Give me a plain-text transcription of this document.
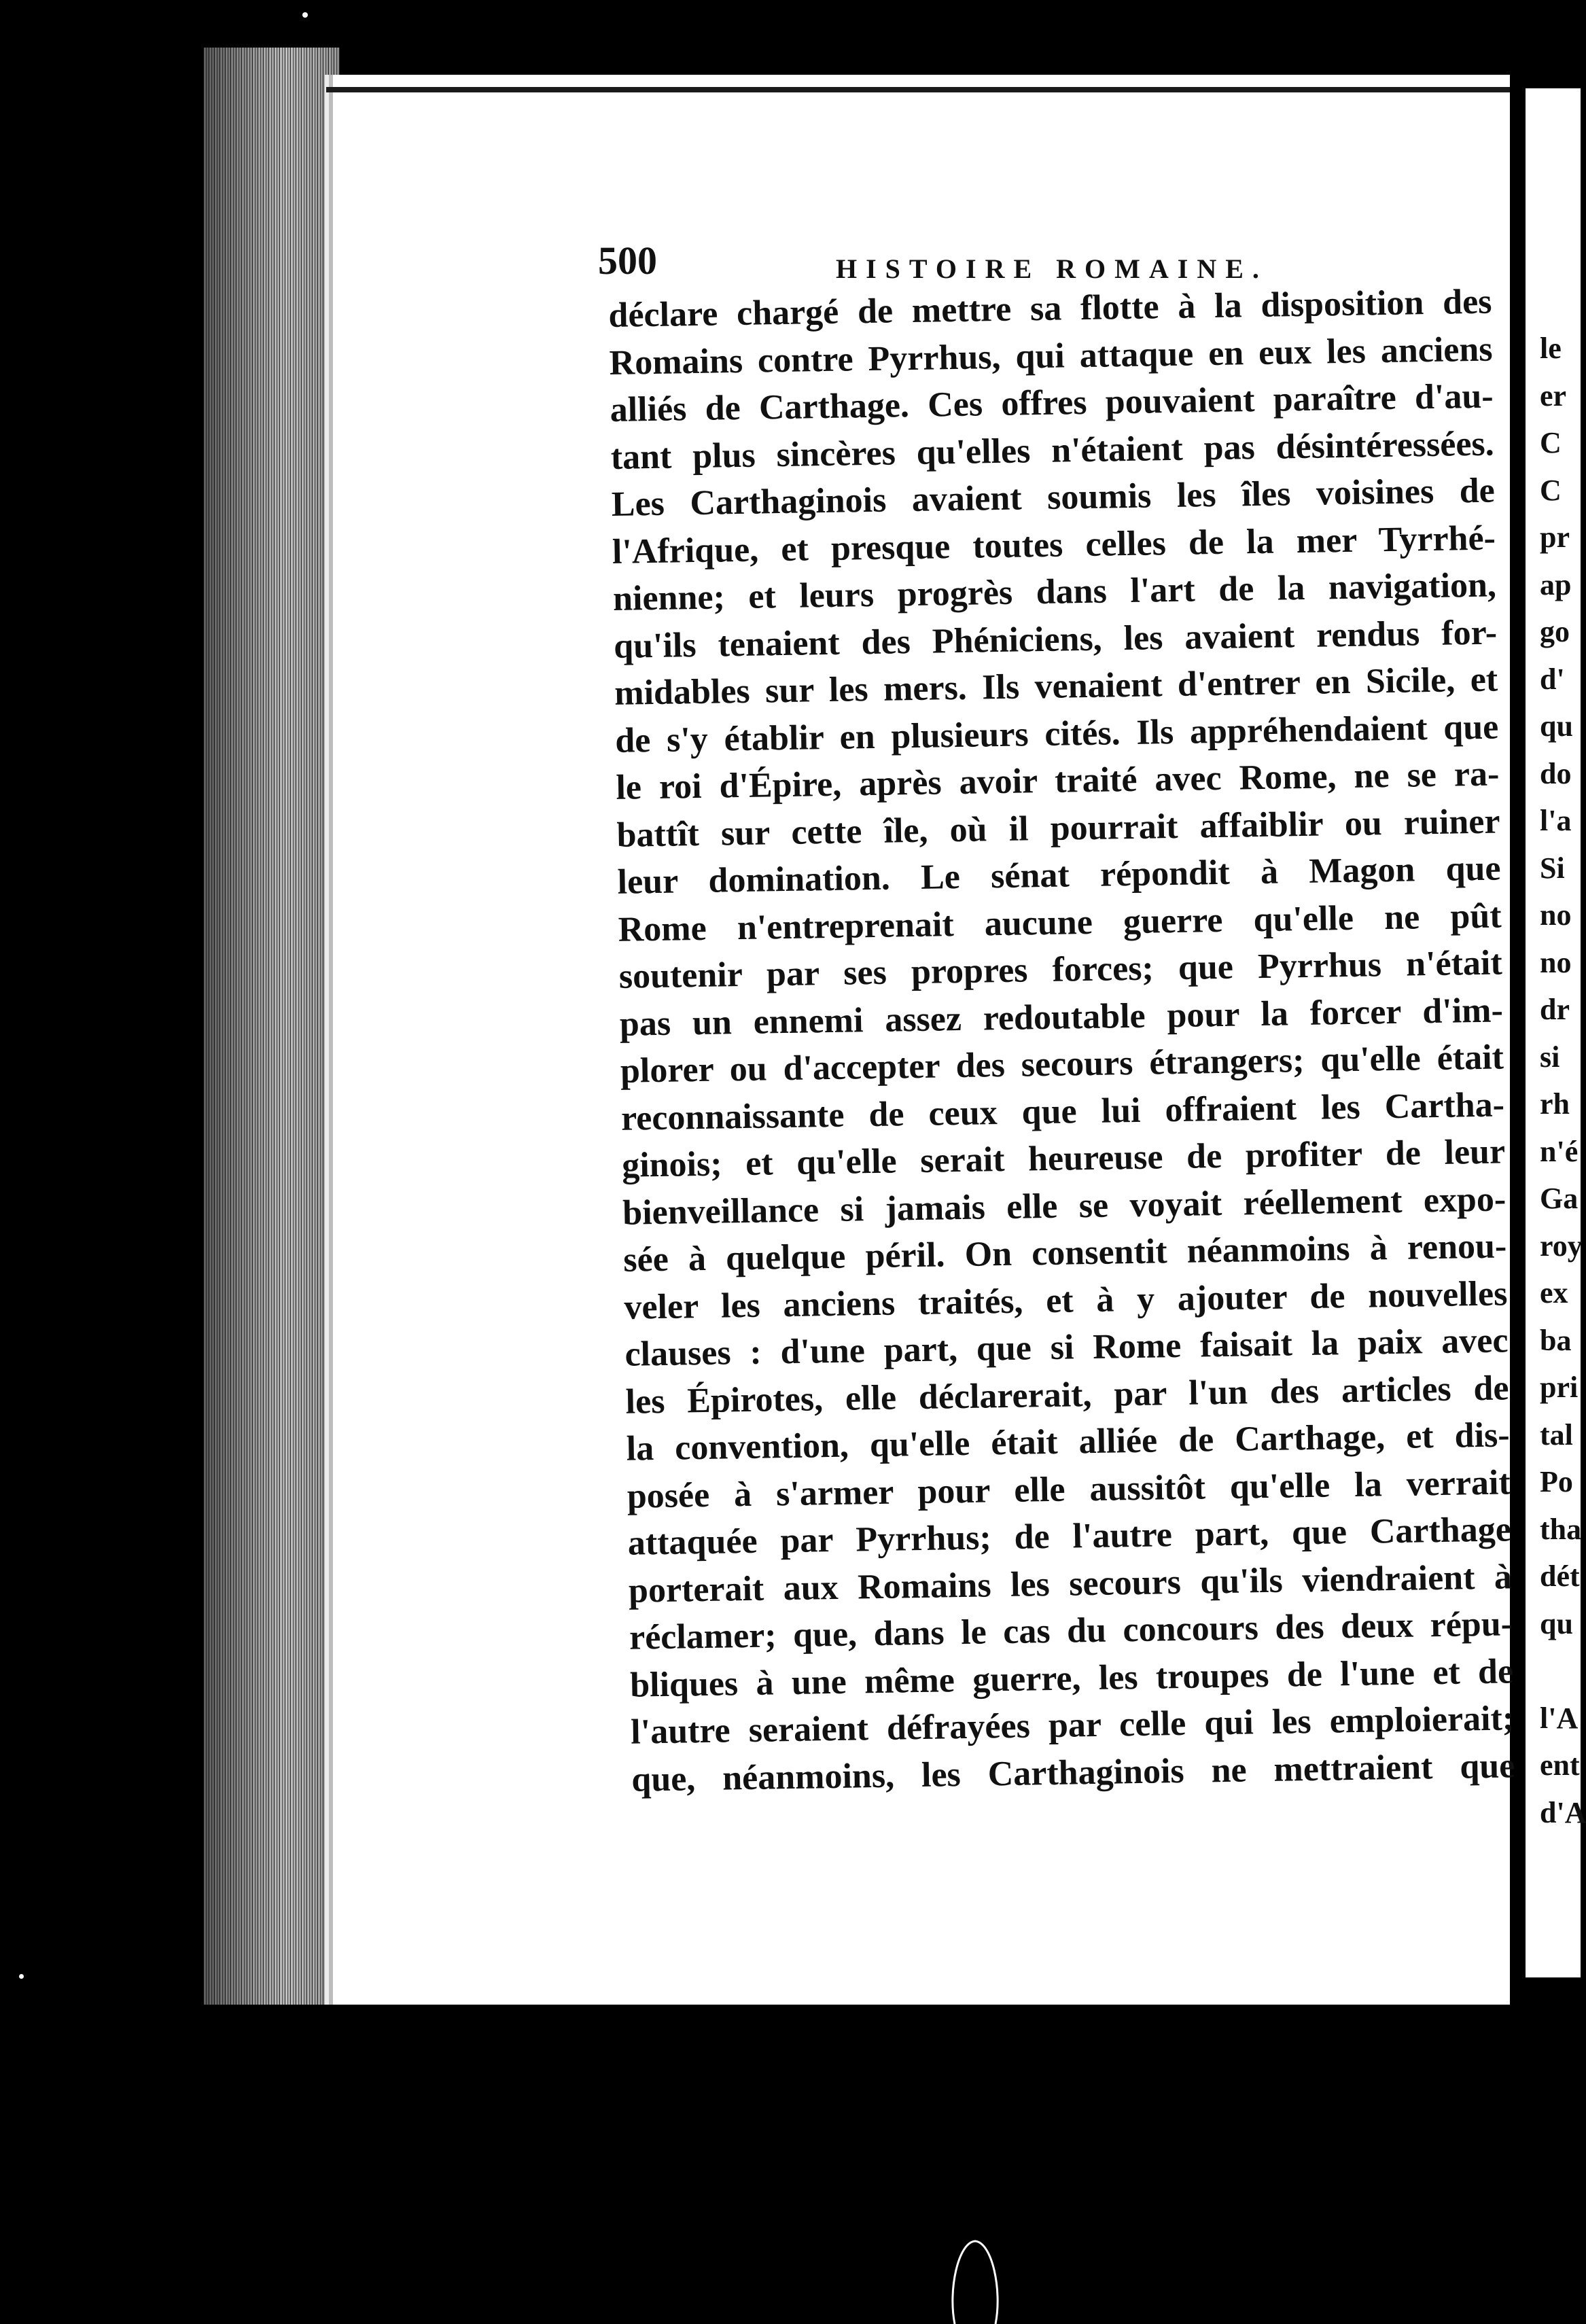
500	HISTOIRE ROMAINE.
déclare chargé de mettre sa flotte à la disposition des
Romains contre Pyrrhus, qui attaque en eux les anciens
alliés de Carthage. Ces offres pouvaient paraître d'au-
tant plus sincères qu'elles n'étaient pas désintéressées.
Les Carthaginois avaient soumis les îles voisines de
l'Afrique, et presque toutes celles de la mer Tyrrhé-
nienne; et leurs progrès dans l'art de la navigation,
qu'ils tenaient des Phéniciens, les avaient rendus for-
midables sur les mers. Ils venaient d'entrer en Sicile, et
de s'y établir en plusieurs cités. Ils appréhendaient que
le roi d'Épire, après avoir traité avec Rome, ne se ra-
battît sur cette île, où il pourrait affaiblir ou ruiner
leur domination. Le sénat répondit à Magon que
Rome n'entreprenait aucune guerre qu'elle ne pût
soutenir par ses propres forces; que Pyrrhus n'était
pas un ennemi assez redoutable pour la forcer d'im-
plorer ou d'accepter des secours étrangers; qu'elle était
reconnaissante de ceux que lui offraient les Cartha-
ginois; et qu'elle serait heureuse de profiter de leur
bienveillance si jamais elle se voyait réellement expo-
sée à quelque péril. On consentit néanmoins à renou-
veler les anciens traités, et à y ajouter de nouvelles
clauses : d'une part, que si Rome faisait la paix avec
les Épirotes, elle déclarerait, par l'un des articles de
la convention, qu'elle était alliée de Carthage, et dis-
posée à s'armer pour elle aussitôt qu'elle la verrait
attaquée par Pyrrhus; de l'autre part, que Carthage
porterait aux Romains les secours qu'ils viendraient à
réclamer; que, dans le cas du concours des deux répu-
bliques à une même guerre, les troupes de l'une et de
l'autre seraient défrayées par celle qui les emploierait;
que, néanmoins, les Carthaginois ne mettraient que
le
er
C
C
pr
ap
go
d'
qu
do
l'a
Si
no
no
dr
si
rh
n'é
Ga
roy
ex
ba
pri
tal
Po
tha
dét
qu
l'A
ent
d'A
